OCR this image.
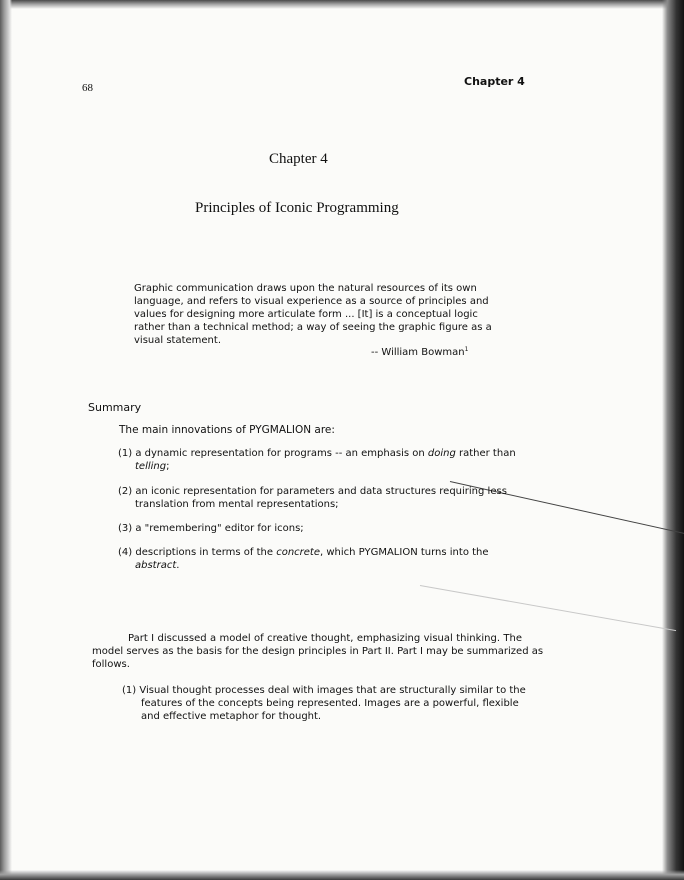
68	Chapter 4
Chapter 4
Principles of Iconic Programming
Graphic communication draws upon the natural resources of its own
language, and refers to visual experience as a source of principles and
values for designing more articulate form ... [It] is a conceptual logic
rather than a technical method; a way of seeing the graphic figure as a
visual statement.
-- William Bowman$^1$
Summary
The main innovations of PYGMALION are:
(1) a dynamic representation for programs -- an emphasis on doing rather than
telling;
(2) an iconic representation for parameters and data structures requiring less
translation from mental representations;
(3) a "remembering" editor for icons;
(4) descriptions in terms of the concrete, which PYGMALION turns into the
abstract.
Part I discussed a model of creative thought, emphasizing visual thinking. The
model serves as the basis for the design principles in Part II. Part I may be summarized as
follows.
(1) Visual thought processes deal with images that are structurally similar to the
features of the concepts being represented. Images are a powerful, flexible
and effective metaphor for thought.
